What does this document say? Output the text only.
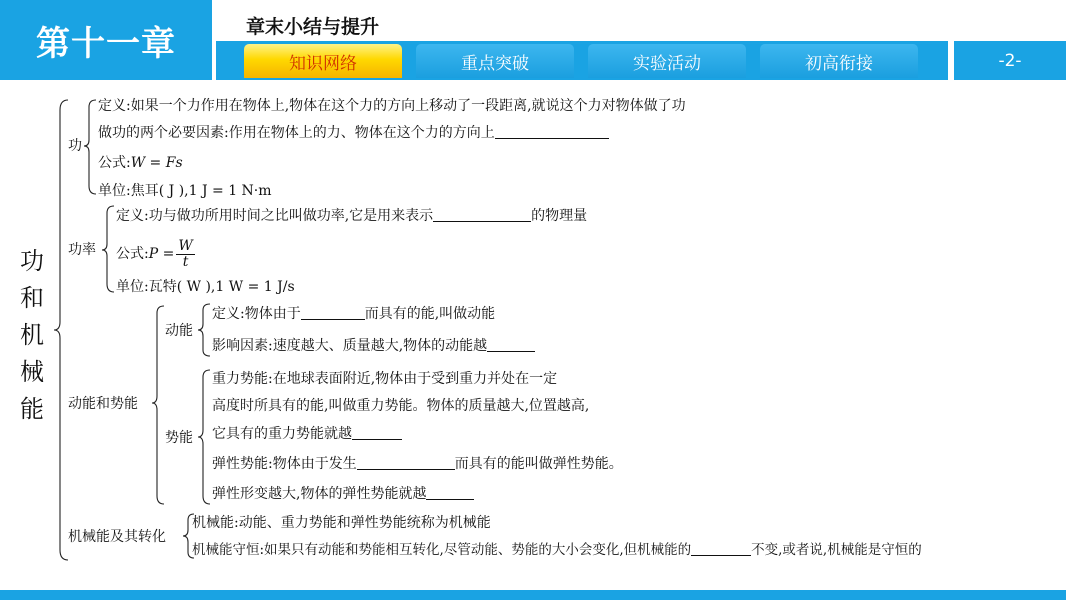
第十一章	章末小结与提升
知识网络	重点突破	实验活动	初高衔接	-2-
功
和
机
械
能
功
定义:如果一个力作用在物体上,物体在这个力的方向上移动了一段距离,就说这个力对物体做了功
做功的两个必要因素:作用在物体上的力、物体在这个力的方向上
公式:W = Fs
单位:焦耳( J ),1 J = 1 N·m
功率
定义:功与做功所用时间之比叫做功率,它是用来表示	的物理量
公式:P = $\frac{W}{t}$
单位:瓦特( W ),1 W = 1 J/s
动能和势能
动能
定义:物体由于	而具有的能,叫做动能
影响因素:速度越大、质量越大,物体的动能越
势能
重力势能:在地球表面附近,物体由于受到重力并处在一定
高度时所具有的能,叫做重力势能。物体的质量越大,位置越高,
它具有的重力势能就越
弹性势能:物体由于发生	而具有的能叫做弹性势能。
弹性形变越大,物体的弹性势能就越
机械能及其转化
机械能:动能、重力势能和弹性势能统称为机械能
机械能守恒:如果只有动能和势能相互转化,尽管动能、势能的大小会变化,但机械能的	不变,或者说,机械能是守恒的
